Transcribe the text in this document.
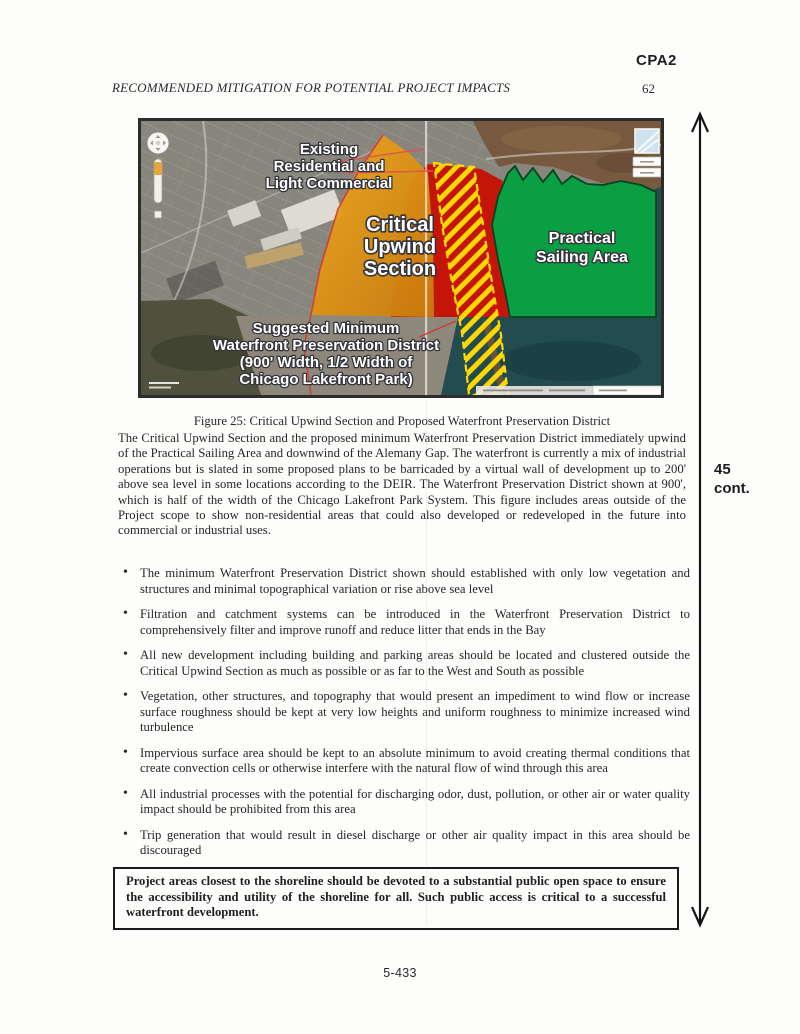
CPA2
RECOMMENDED MITIGATION FOR POTENTIAL PROJECT IMPACTS	62
Existing
Residential and
Light Commercial
Critical
Upwind
Section
Practical
Sailing Area
Suggested Minimum
Waterfront Preservation District
(900' Width, 1/2 Width of
Chicago Lakefront Park)
Figure 25: Critical Upwind Section and Proposed Waterfront Preservation District
The Critical Upwind Section and the proposed minimum Waterfront Preservation District immediately upwind of the Practical Sailing Area and downwind of the Alemany Gap. The waterfront is currently a mix of industrial operations but is slated in some proposed plans to be barricaded by a virtual wall of development up to 200' above sea level in some locations according to the DEIR. The Waterfront Preservation District shown at 900', which is half of the width of the Chicago Lakefront Park System. This figure includes areas outside of the Project scope to show non-residential areas that could also developed or redeveloped in the future into commercial or industrial uses.
45
cont.
• The minimum Waterfront Preservation District shown should established with only low vegetation and structures and minimal topographical variation or rise above sea level
• Filtration and catchment systems can be introduced in the Waterfront Preservation District to comprehensively filter and improve runoff and reduce litter that ends in the Bay
• All new development including building and parking areas should be located and clustered outside the Critical Upwind Section as much as possible or as far to the West and South as possible
• Vegetation, other structures, and topography that would present an impediment to wind flow or increase surface roughness should be kept at very low heights and uniform roughness to minimize increased wind turbulence
• Impervious surface area should be kept to an absolute minimum to avoid creating thermal conditions that create convection cells or otherwise interfere with the natural flow of wind through this area
• All industrial processes with the potential for discharging odor, dust, pollution, or other air or water quality impact should be prohibited from this area
• Trip generation that would result in diesel discharge or other air quality impact in this area should be discouraged
Project areas closest to the shoreline should be devoted to a substantial public open space to ensure the accessibility and utility of the shoreline for all. Such public access is critical to a successful waterfront development.
5-433
